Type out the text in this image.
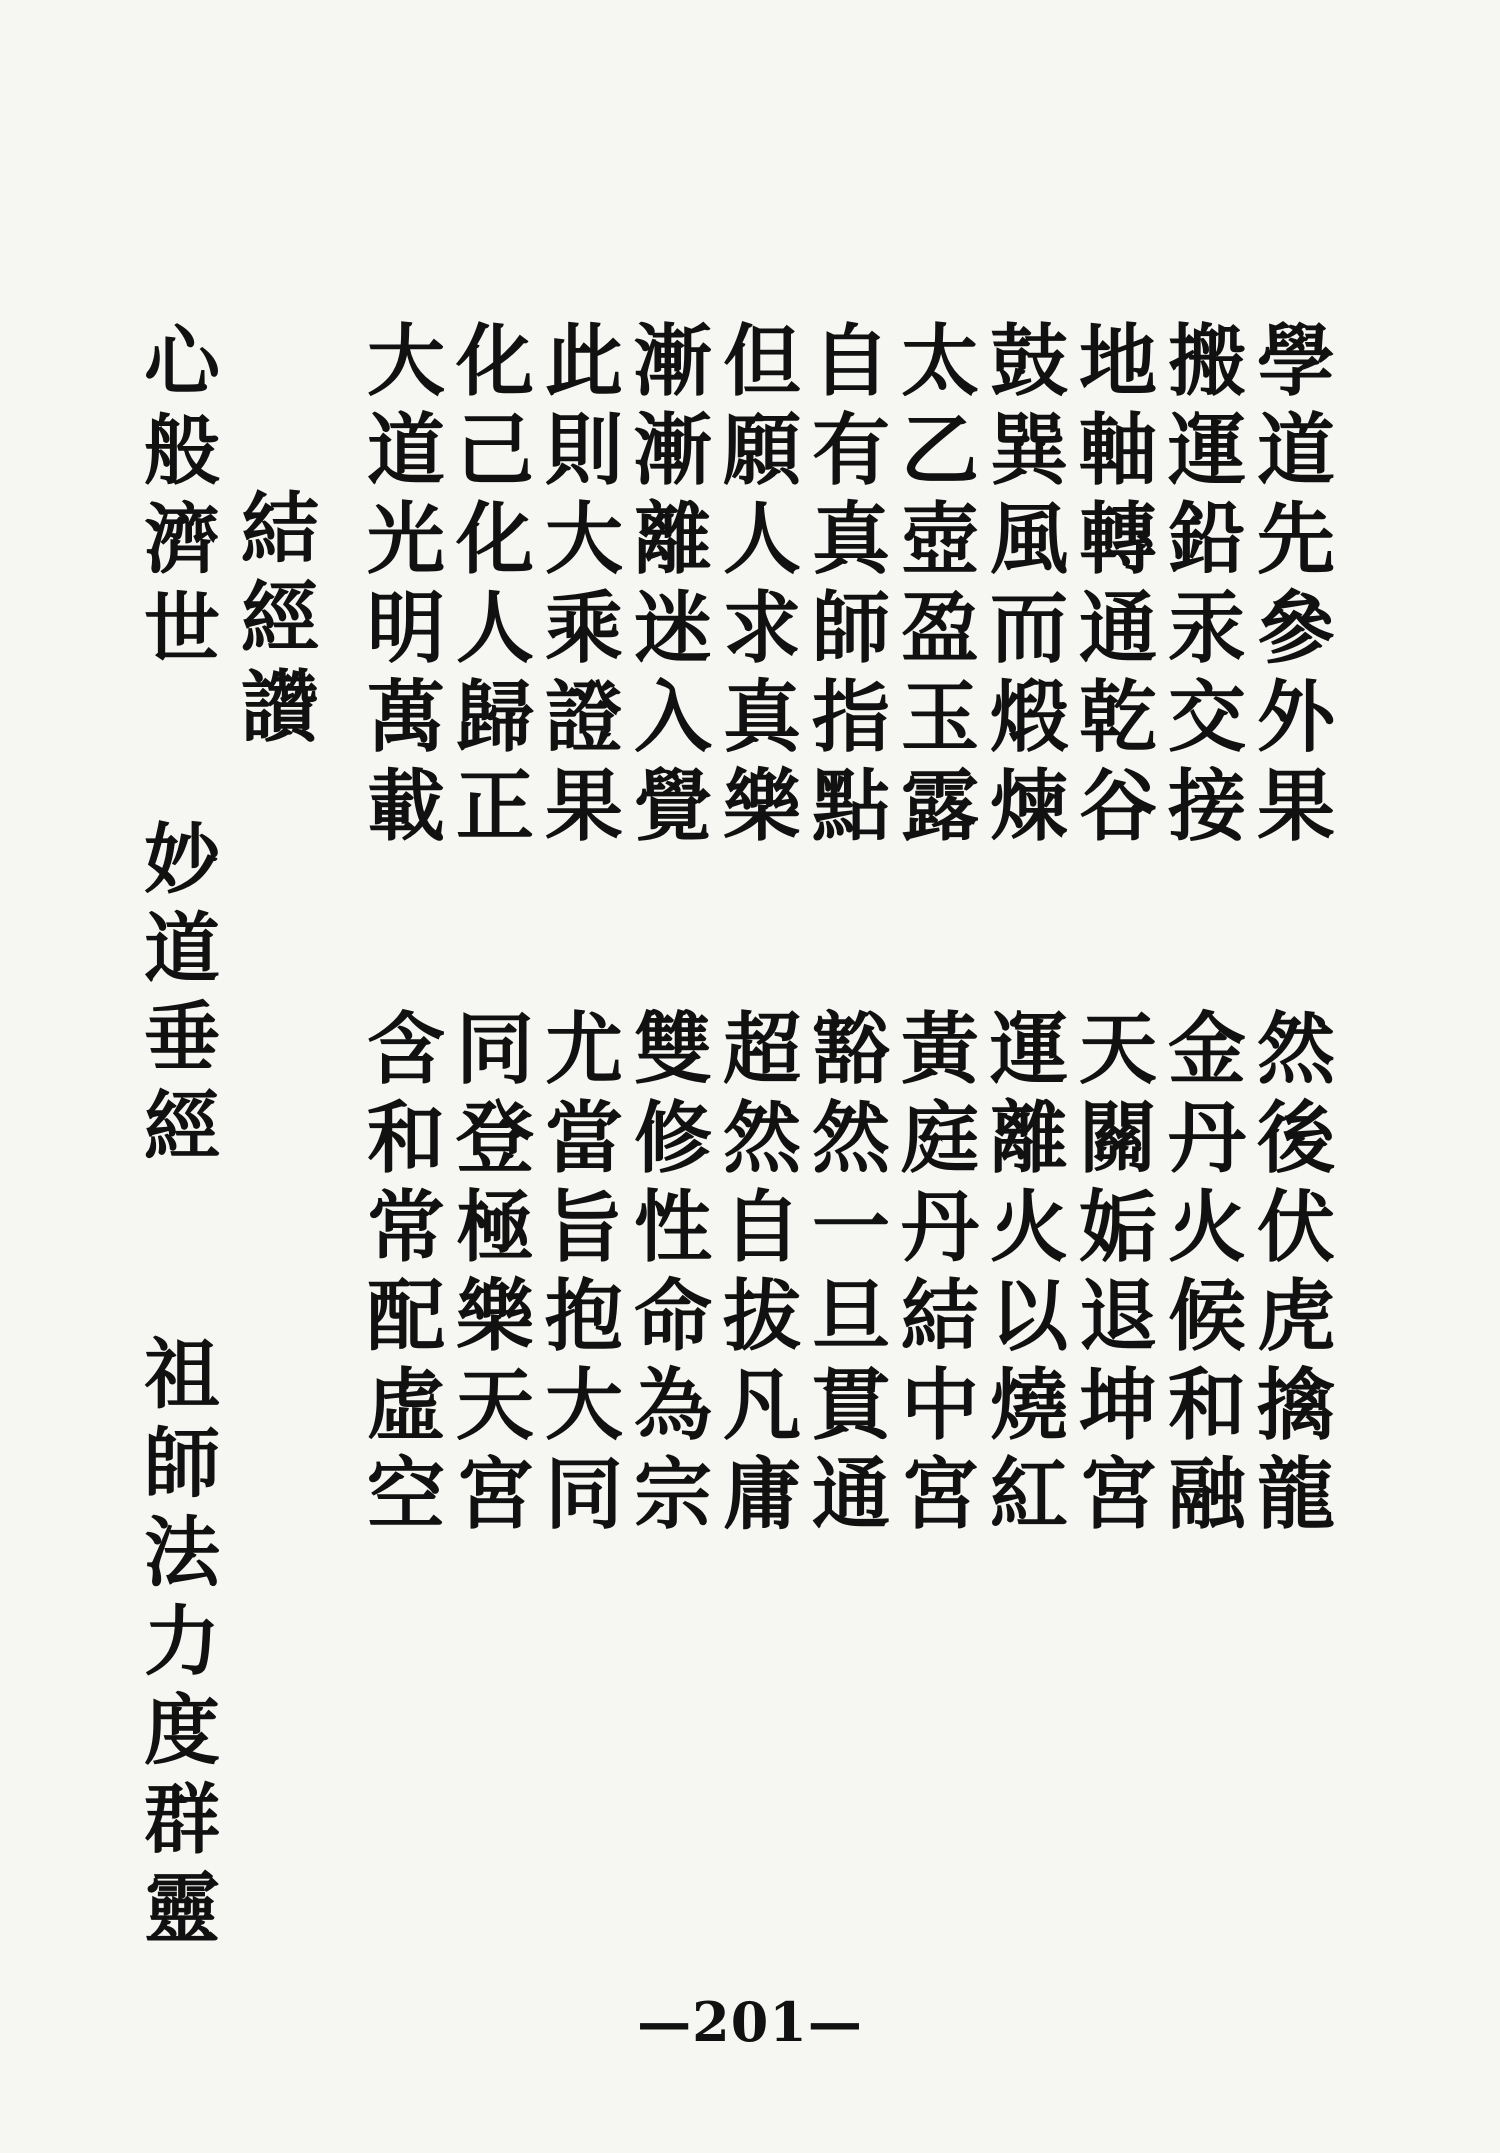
學
道
先
參
外
果
搬
運
鉛
汞
交
接
地
軸
轉
通
乾
谷
鼓
巽
風
而
煅
煉
太
乙
壺
盈
玉
露
自
有
真
師
指
點
但
願
人
求
真
樂
漸
漸
離
迷
入
覺
此
則
大
乘
證
果
化
己
化
人
歸
正
大
道
光
明
萬
載
然
後
伏
虎
擒
龍
金
丹
火
候
和
融
天
關
姤
退
坤
宮
運
離
火
以
燒
紅
黃
庭
丹
結
中
宮
豁
然
一
旦
貫
通
超
然
自
拔
凡
庸
雙
修
性
命
為
宗
尤
當
旨
抱
大
同
同
登
極
樂
天
宮
含
和
常
配
虛
空
結
經
讚
心
般
濟
世
妙
道
垂
經
祖
師
法
力
度
群
靈
—201—
